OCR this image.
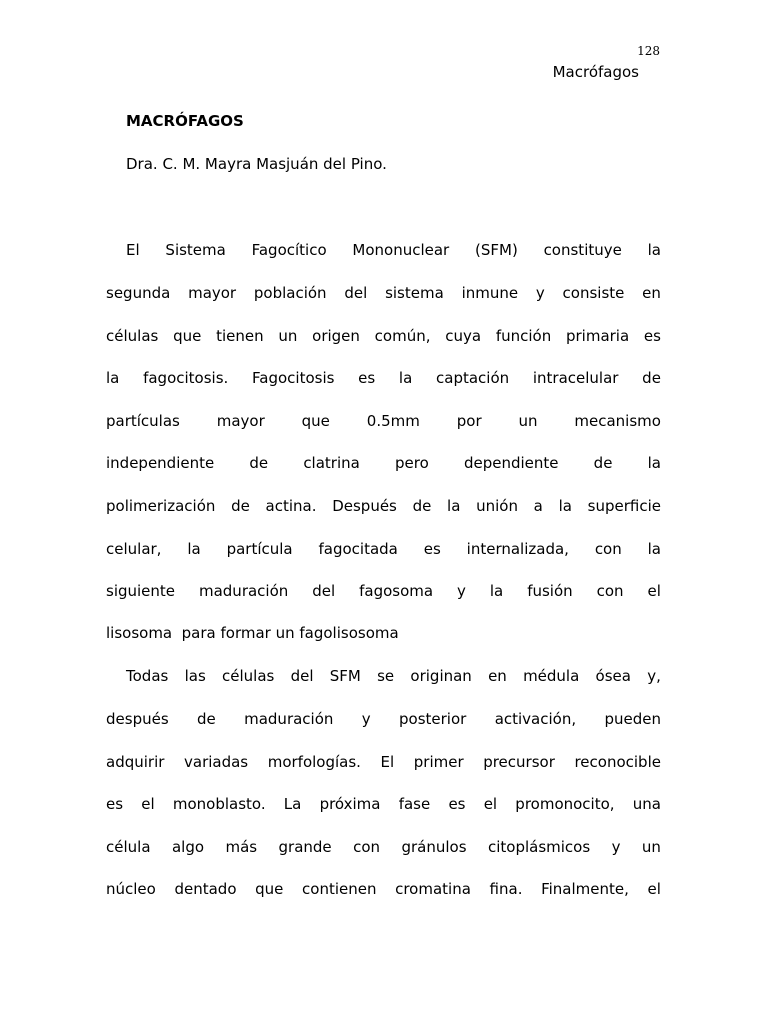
128
Macrófagos
MACRÓFAGOS
Dra. C. M. Mayra Masjuán del Pino.
El Sistema Fagocítico Mononuclear (SFM) constituye la
segunda mayor población del sistema inmune y consiste en
células que tienen un origen común, cuya función primaria es
la fagocitosis. Fagocitosis es la captación intracelular de
partículas mayor que 0.5mm por un mecanismo
independiente de clatrina pero dependiente de la
polimerización de actina. Después de la unión a la superficie
celular, la partícula fagocitada es internalizada, con la
siguiente maduración del fagosoma y la fusión con el
lisosoma  para formar un fagolisosoma
Todas las células del SFM se originan en médula ósea y,
después de maduración y posterior activación, pueden
adquirir variadas morfologías. El primer precursor reconocible
es el monoblasto. La próxima fase es el promonocito, una
célula algo más grande con gránulos citoplásmicos y un
núcleo dentado que contienen cromatina fina. Finalmente, el
